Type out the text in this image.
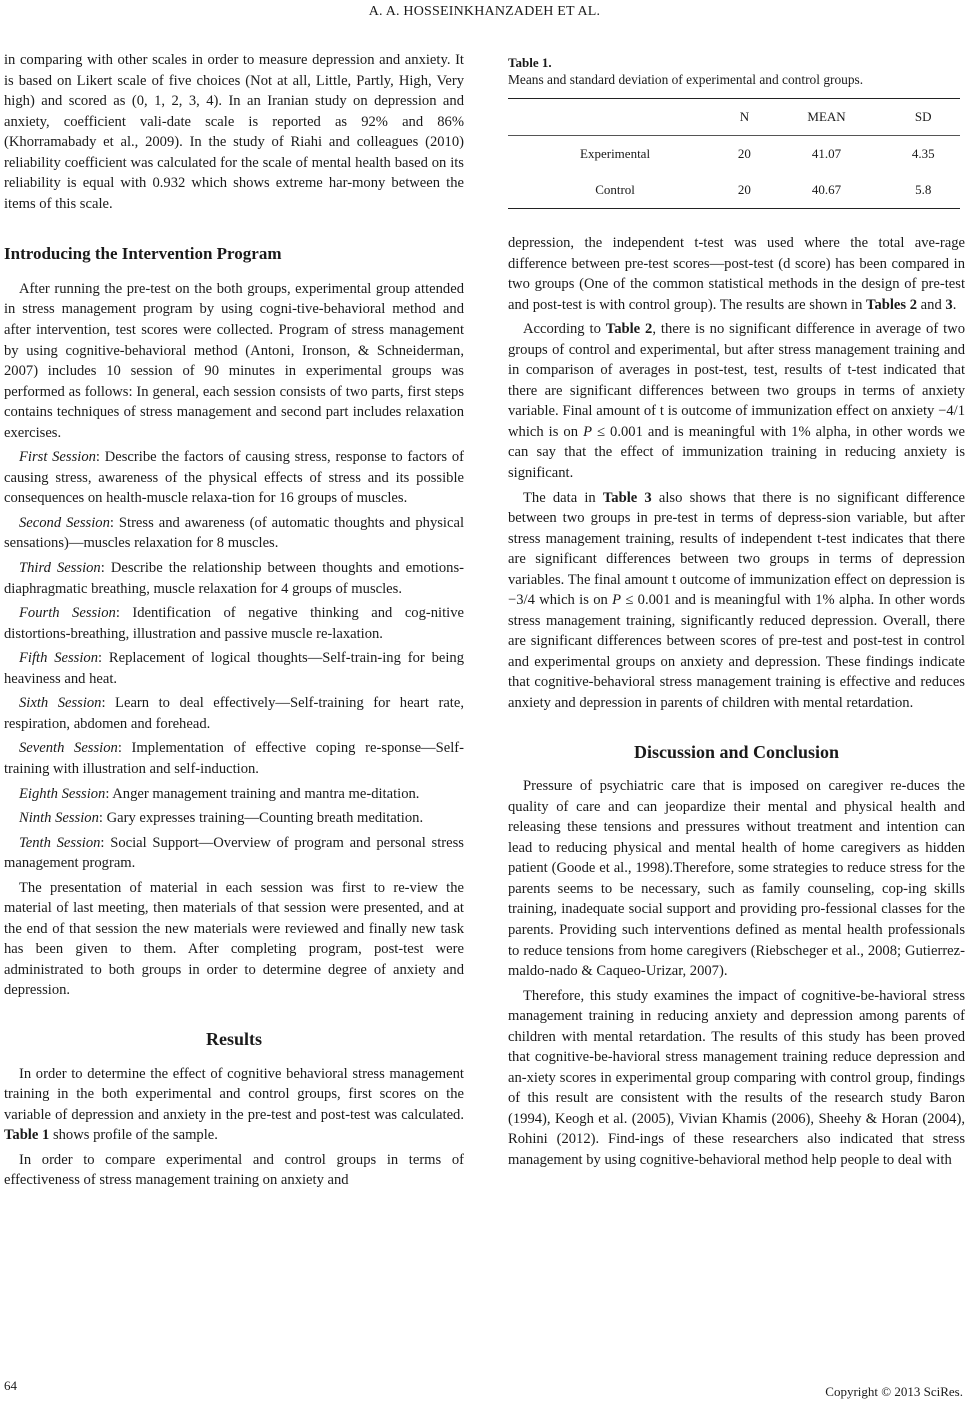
A. A. HOSSEINKHANZADEH ET AL.

in comparing with other scales in order to measure depression and anxiety. It is based on Likert scale of five choices (Not at all, Little, Partly, High, Very high) and scored as (0, 1, 2, 3, 4). In an Iranian study on depression and anxiety, coefficient vali-date scale is reported as 92% and 86% (Khorramabady et al., 2009). In the study of Riahi and colleagues (2010) reliability coefficient was calculated for the scale of mental health based on its reliability is equal with 0.932 which shows extreme har-mony between the items of this scale.

Introducing the Intervention Program

After running the pre-test on the both groups, experimental group attended in stress management program by using cogni-tive-behavioral method and after intervention, test scores were collected. Program of stress management by using cognitive-behavioral method (Antoni, Ironson, & Schneiderman, 2007) includes 10 session of 90 minutes in experimental groups was performed as follows: In general, each session consists of two parts, first steps contains techniques of stress management and second part includes relaxation exercises.

First Session: Describe the factors of causing stress, response to factors of causing stress, awareness of the physical effects of stress and its possible consequences on health-muscle relaxa-tion for 16 groups of muscles.

Second Session: Stress and awareness (of automatic thoughts and physical sensations)—muscles relaxation for 8 muscles.

Third Session: Describe the relationship between thoughts and emotions-diaphragmatic breathing, muscle relaxation for 4 groups of muscles.

Fourth Session: Identification of negative thinking and cog-nitive distortions-breathing, illustration and passive muscle re-laxation.

Fifth Session: Replacement of logical thoughts—Self-train-ing for being heaviness and heat.

Sixth Session: Learn to deal effectively—Self-training for heart rate, respiration, abdomen and forehead.

Seventh Session: Implementation of effective coping re-sponse—Self-training with illustration and self-induction.

Eighth Session: Anger management training and mantra me-ditation.

Ninth Session: Gary expresses training—Counting breath meditation.

Tenth Session: Social Support—Overview of program and personal stress management program.

The presentation of material in each session was first to re-view the material of last meeting, then materials of that session were presented, and at the end of that session the new materials were reviewed and finally new task has been given to them. After completing program, post-test were administrated to both groups in order to determine degree of anxiety and depression.

Results

In order to determine the effect of cognitive behavioral stress management training in the both experimental and control groups, first scores on the variable of depression and anxiety in the pre-test and post-test was calculated. Table 1 shows profile of the sample.

In order to compare experimental and control groups in terms of effectiveness of stress management training on anxiety and

Table 1.
Means and standard deviation of experimental and control groups.
	N	MEAN	SD
Experimental	20	41.07	4.35
Control	20	40.67	5.8

depression, the independent t-test was used where the total ave-rage difference between pre-test scores—post-test (d score) has been compared in two groups (One of the common statistical methods in the design of pre-test and post-test is with control group). The results are shown in Tables 2 and 3.

According to Table 2, there is no significant difference in average of two groups of control and experimental, but after stress management training and in comparison of averages in post-test, test, results of t-test indicated that there are significant differences between two groups in terms of anxiety variable. Final amount of t is outcome of immunization effect on anxiety −4/1 which is on P ≤ 0.001 and is meaningful with 1% alpha, in other words we can say that the effect of immunization training in reducing anxiety is significant.

The data in Table 3 also shows that there is no significant difference between two groups in pre-test in terms of depress-sion variable, but after stress management training, results of independent t-test indicates that there are significant differences between two groups in terms of depression variables. The final amount t outcome of immunization effect on depression is −3/4 which is on P ≤ 0.001 and is meaningful with 1% alpha. In other words stress management training, significantly reduced depression. Overall, there are significant differences between scores of pre-test and post-test in control and experimental groups on anxiety and depression. These findings indicate that cognitive-behavioral stress management training is effective and reduces anxiety and depression in parents of children with mental retardation.

Discussion and Conclusion

Pressure of psychiatric care that is imposed on caregiver re-duces the quality of care and can jeopardize their mental and physical health and releasing these tensions and pressures without treatment and intention can lead to reducing physical and mental health of home caregivers as hidden patient (Goode et al., 1998).Therefore, some strategies to reduce stress for the parents seems to be necessary, such as family counseling, cop-ing skills training, inadequate social support and providing pro-fessional classes for the parents. Providing such interventions defined as mental health professionals to reduce tensions from home caregivers (Riebscheger et al., 2008; Gutierrez-maldo-nado & Caqueo-Urizar, 2007).

Therefore, this study examines the impact of cognitive-be-havioral stress management training in reducing anxiety and depression among parents of children with mental retardation. The results of this study has been proved that cognitive-be-havioral stress management training reduce depression and an-xiety scores in experimental group comparing with control group, findings of this result are consistent with the results of the research study Baron (1994), Keogh et al. (2005), Vivian Khamis (2006), Sheehy & Horan (2004), Rohini (2012). Find-ings of these researchers also indicated that stress management by using cognitive-behavioral method help people to deal with

64	Copyright © 2013 SciRes.
